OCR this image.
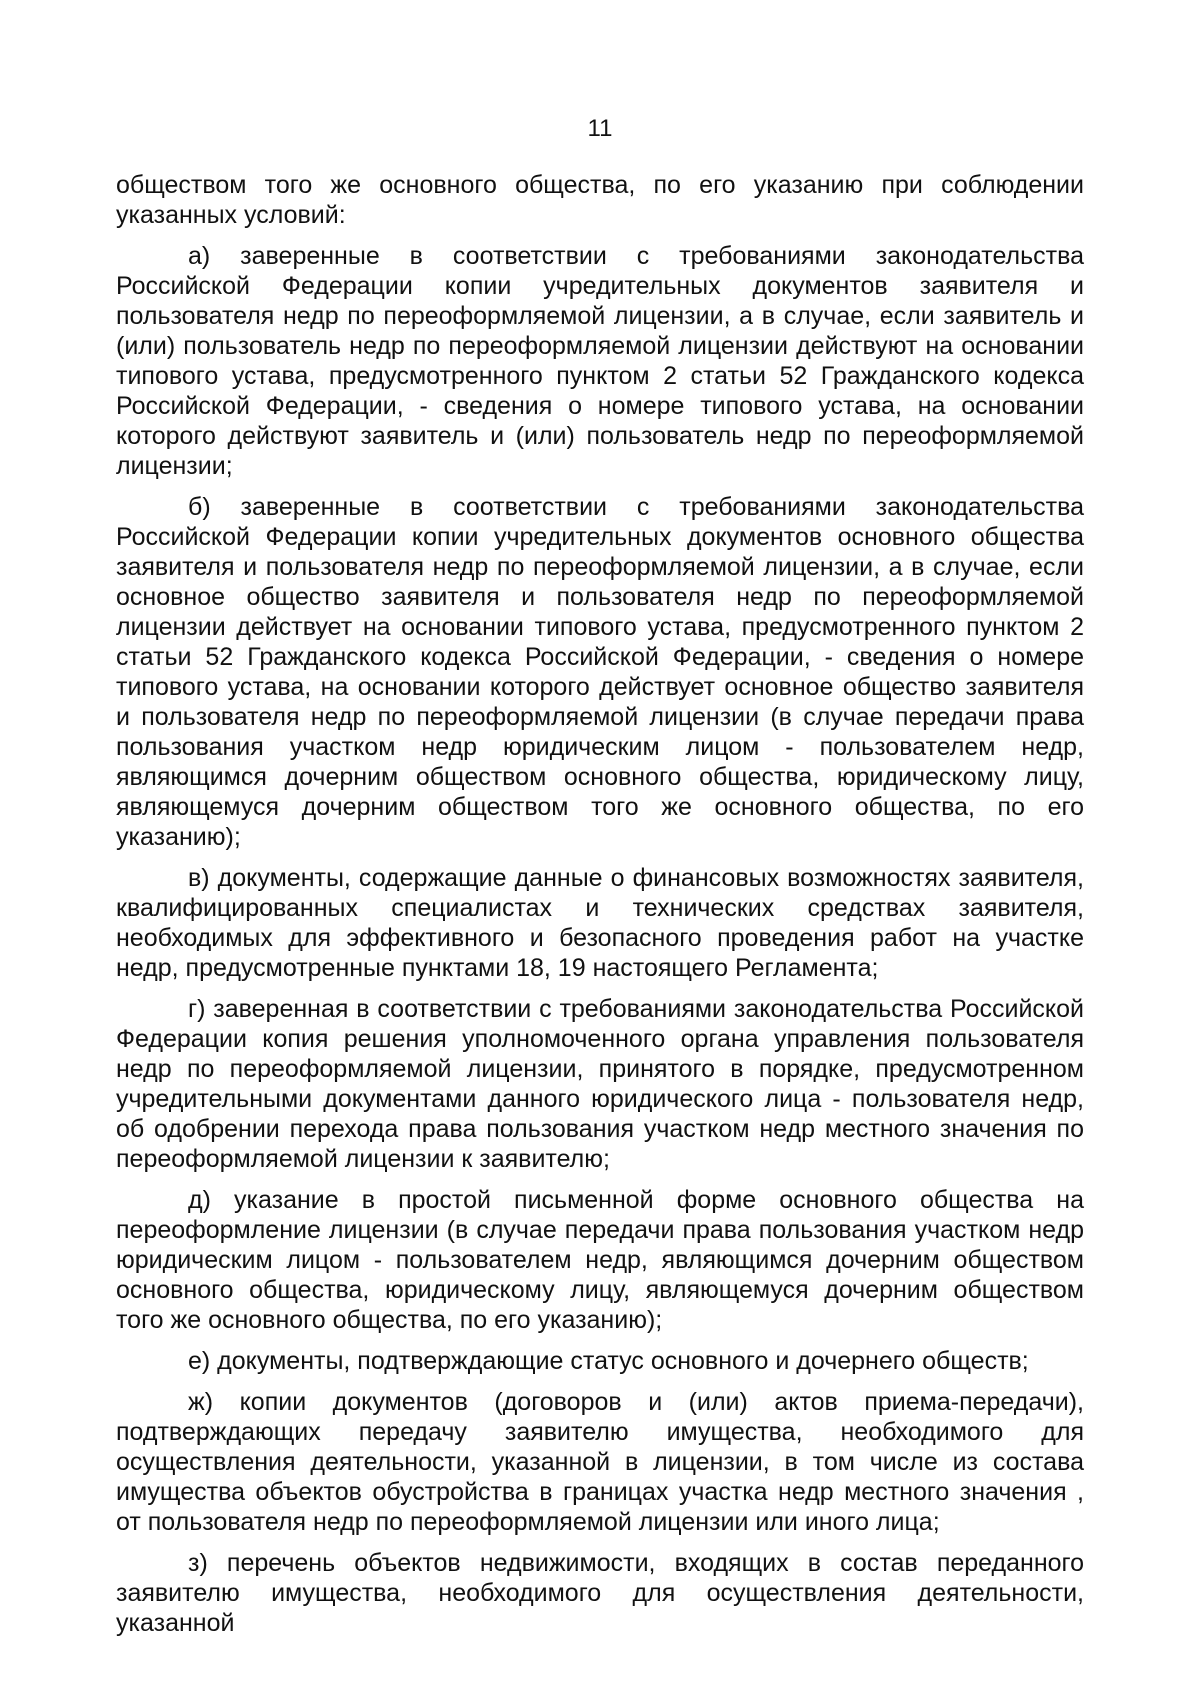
11

обществом того же основного общества, по его указанию при соблюдении указанных условий:

а) заверенные в соответствии с требованиями законодательства Российской Федерации копии учредительных документов заявителя и пользователя недр по переоформляемой лицензии, а в случае, если заявитель и (или) пользователь недр по переоформляемой лицензии действуют на основании типового устава, предусмотренного пунктом 2 статьи 52 Гражданского кодекса Российской Федерации, - сведения о номере типового устава, на основании которого действуют заявитель и (или) пользователь недр по переоформляемой лицензии;

б) заверенные в соответствии с требованиями законодательства Российской Федерации копии учредительных документов основного общества заявителя и пользователя недр по переоформляемой лицензии, а в случае, если основное общество заявителя и пользователя недр по переоформляемой лицензии действует на основании типового устава, предусмотренного пунктом 2 статьи 52 Гражданского кодекса Российской Федерации, - сведения о номере типового устава, на основании которого действует основное общество заявителя и пользователя недр по переоформляемой лицензии (в случае передачи права пользования участком недр юридическим лицом - пользователем недр, являющимся дочерним обществом основного общества, юридическому лицу, являющемуся дочерним обществом того же основного общества, по его указанию);

в) документы, содержащие данные о финансовых возможностях заявителя, квалифицированных специалистах и технических средствах заявителя, необходимых для эффективного и безопасного проведения работ на участке недр, предусмотренные пунктами 18, 19 настоящего Регламента;

г) заверенная в соответствии с требованиями законодательства Российской Федерации копия решения уполномоченного органа управления пользователя недр по переоформляемой лицензии, принятого в порядке, предусмотренном учредительными документами данного юридического лица - пользователя недр, об одобрении перехода права пользования участком недр местного значения по переоформляемой лицензии к заявителю;

д) указание в простой письменной форме основного общества на переоформление лицензии (в случае передачи права пользования участком недр юридическим лицом - пользователем недр, являющимся дочерним обществом основного общества, юридическому лицу, являющемуся дочерним обществом того же основного общества, по его указанию);

е) документы, подтверждающие статус основного и дочернего обществ;

ж) копии документов (договоров и (или) актов приема-передачи), подтверждающих передачу заявителю имущества, необходимого для осуществления деятельности, указанной в лицензии, в том числе из состава имущества объектов обустройства в границах участка недр местного значения , от пользователя недр по переоформляемой лицензии или иного лица;

з) перечень объектов недвижимости, входящих в состав переданного заявителю имущества, необходимого для осуществления деятельности, указанной
